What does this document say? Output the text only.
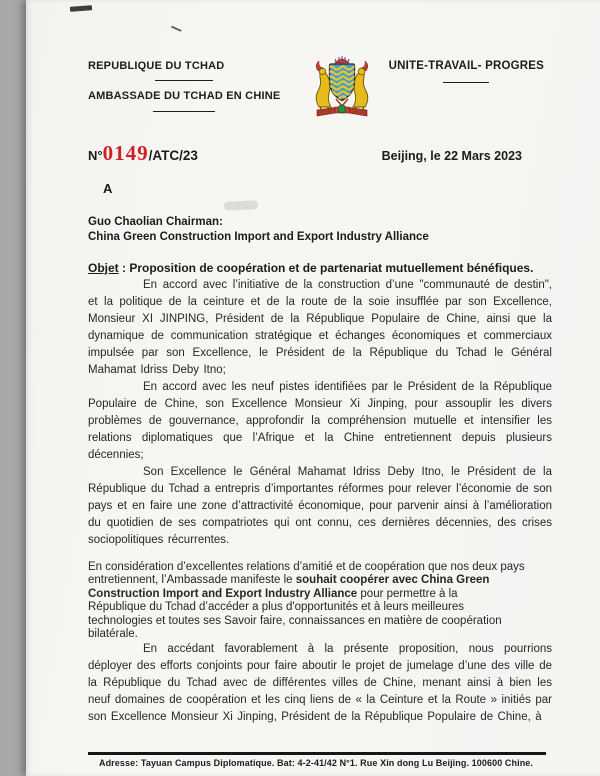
REPUBLIQUE DU TCHAD
AMBASSADE DU TCHAD EN CHINE
UNITE-TRAVAIL- PROGRES
N°0149/ATC/23	Beijing, le 22 Mars 2023
A
Guo Chaolian Chairman:
China Green Construction Import and Export Industry Alliance
Objet : Proposition de coopération et de partenariat mutuellement bénéfiques.

En accord avec l’initiative de la construction d’une "communauté de destin", et la politique de la ceinture et de la route de la soie insufflée par son Excellence, Monsieur XI JINPING, Président de la République Populaire de Chine, ainsi que la dynamique de communication stratégique et échanges économiques et commerciaux impulsée par son Excellence, le Président de la République du Tchad le Général Mahamat Idriss Deby Itno;

En accord avec les neuf pistes identifiées par le Président de la République Populaire de Chine, son Excellence Monsieur Xi Jinping, pour assouplir les divers problèmes de gouvernance, approfondir la compréhension mutuelle et intensifier les relations diplomatiques que l’Afrique et la Chine entretiennent depuis plusieurs décennies;

Son Excellence le Général Mahamat Idriss Deby Itno, le Président de la République du Tchad a entrepris d’importantes réformes pour relever l’économie de son pays et en faire une zone d’attractivité économique, pour parvenir ainsi à l’amélioration du quotidien de ses compatriotes qui ont connu, ces dernières décennies, des crises sociopolitiques récurrentes.

En considération d’excellentes relations d’amitié et de coopération que nos deux pays
entretiennent, l’Ambassade manifeste le souhait coopérer avec China Green
Construction Import and Export Industry Alliance pour permettre à la
République du Tchad d’accéder a plus d'opportunités et à leurs meilleures
technologies et toutes ses Savoir faire, connaissances en matière de coopération
bilatérale.

En accédant favorablement à la présente proposition, nous pourrions déployer des efforts conjoints pour faire aboutir le projet de jumelage d’une des ville de la République du Tchad avec de différentes villes de Chine, menant ainsi à bien les neuf domaines de coopération et les cinq liens de « la Ceinture et la Route » initiés par son Excellence Monsieur Xi Jinping, Président de la République Populaire de Chine, à

Adresse: Tayuan Campus Diplomatique. Bat: 4-2-41/42 N°1. Rue Xin dong Lu Beijing. 100600 Chine.
